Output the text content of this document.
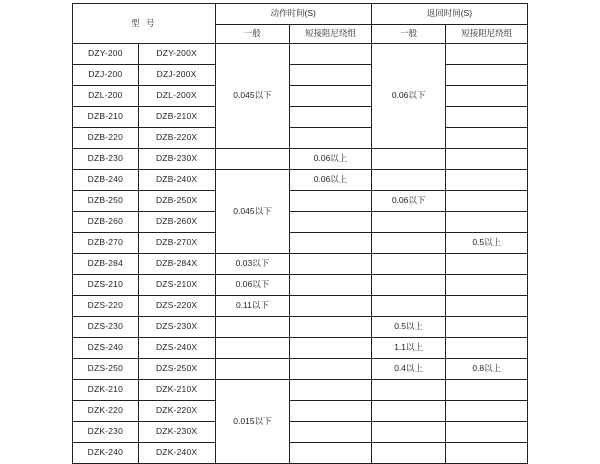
型 号		动作时间(S)		返回时间(S)	
		一般	短接阻尼绕组	一般	短接阻尼绕组
DZY-200	DZY-200X	0.045以下		0.06以下	
DZJ-200	DZJ-200X				
DZL-200	DZL-200X				
DZB-210	DZB-210X				
DZB-220	DZB-220X				
DZB-230	DZB-230X		0.06以上		
DZB-240	DZB-240X	0.045以下	0.06以上		
DZB-250	DZB-250X			0.06以下	
DZB-260	DZB-260X				
DZB-270	DZB-270X				0.5以上
DZB-284	DZB-284X	0.03以下			
DZS-210	DZS-210X	0.06以下			
DZS-220	DZS-220X	0.11以下			
DZS-230	DZS-230X			0.5以上	
DZS-240	DZS-240X			1.1以上	
DZS-250	DZS-250X			0.4以上	0.8以上
DZK-210	DZK-210X	0.015以下			
DZK-220	DZK-220X				
DZK-230	DZK-230X				
DZK-240	DZK-240X				
